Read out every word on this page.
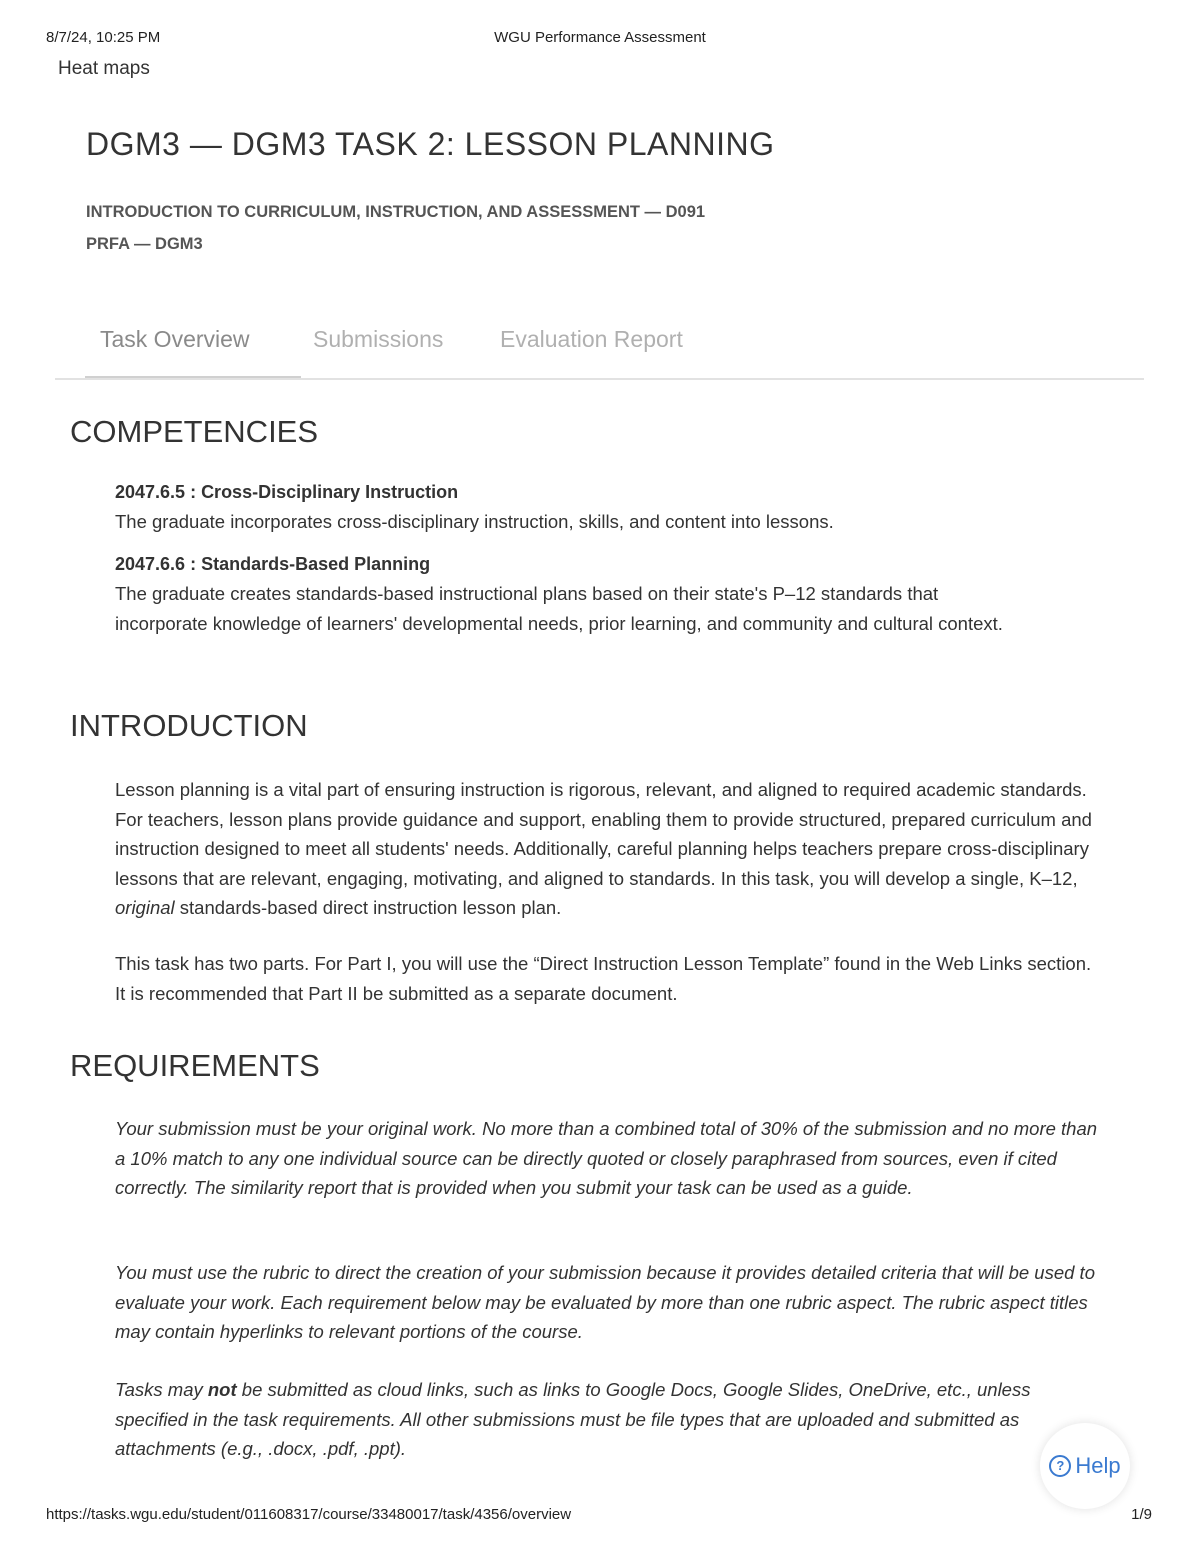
8/7/24, 10:25 PM	WGU Performance Assessment
Heat maps
DGM3 — DGM3 TASK 2: LESSON PLANNING
INTRODUCTION TO CURRICULUM, INSTRUCTION, AND ASSESSMENT — D091
PRFA — DGM3
Task Overview	Submissions Evaluation Report
COMPETENCIES
2047.6.5 : Cross-Disciplinary Instruction
The graduate incorporates cross-disciplinary instruction, skills, and content into lessons.
2047.6.6 : Standards-Based Planning
The graduate creates standards-based instructional plans based on their state's P–12 standards that incorporate knowledge of learners' developmental needs, prior learning, and community and cultural context.
INTRODUCTION
Lesson planning is a vital part of ensuring instruction is rigorous, relevant, and aligned to required academic standards. For teachers, lesson plans provide guidance and support, enabling them to provide structured, prepared curriculum and instruction designed to meet all students' needs. Additionally, careful planning helps teachers prepare cross-disciplinary lessons that are relevant, engaging, motivating, and aligned to standards. In this task, you will develop a single, K–12, original standards-based direct instruction lesson plan.
This task has two parts. For Part I, you will use the “Direct Instruction Lesson Template” found in the Web Links section. It is recommended that Part II be submitted as a separate document.
REQUIREMENTS
Your submission must be your original work. No more than a combined total of 30% of the submission and no more than a 10% match to any one individual source can be directly quoted or closely paraphrased from sources, even if cited correctly. The similarity report that is provided when you submit your task can be used as a guide.
You must use the rubric to direct the creation of your submission because it provides detailed criteria that will be used to evaluate your work. Each requirement below may be evaluated by more than one rubric aspect. The rubric aspect titles may contain hyperlinks to relevant portions of the course.
Tasks may not be submitted as cloud links, such as links to Google Docs, Google Slides, OneDrive, etc., unless specified in the task requirements. All other submissions must be file types that are uploaded and submitted as attachments (e.g., .docx, .pdf, .ppt).
? Help
https://tasks.wgu.edu/student/011608317/course/33480017/task/4356/overview	1/9
